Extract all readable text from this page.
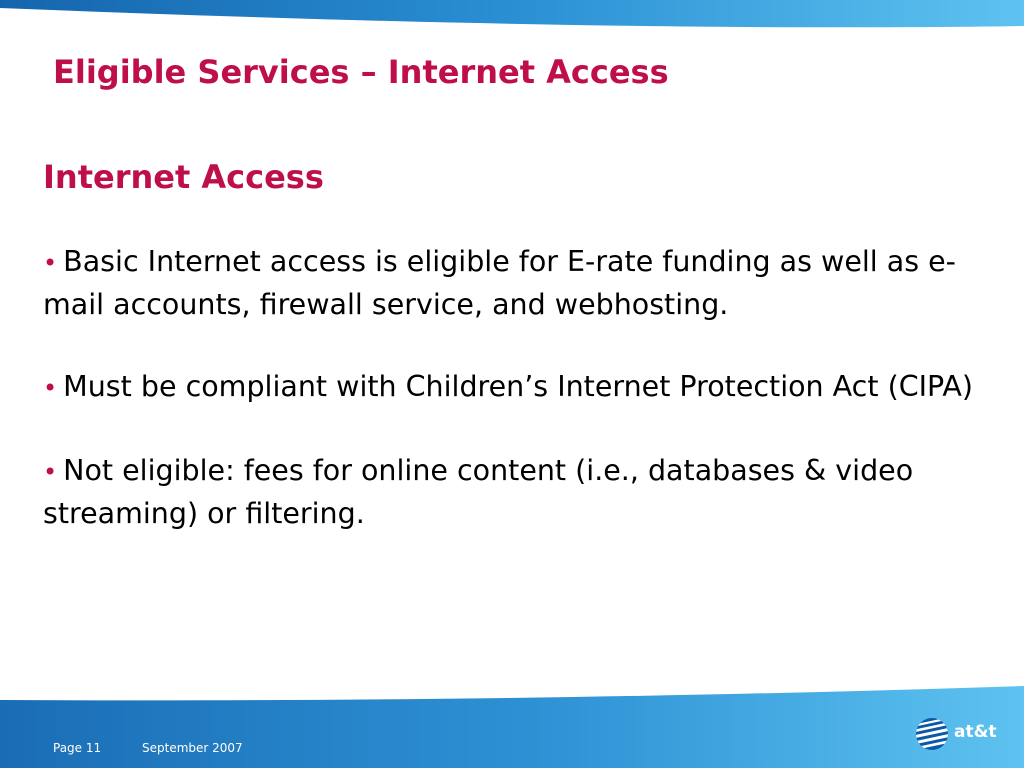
Eligible Services – Internet Access
Internet Access
• Basic Internet access is eligible for E-rate funding as well as e-mail accounts, firewall service, and webhosting.
• Must be compliant with Children’s Internet Protection Act (CIPA)
• Not eligible: fees for online content (i.e., databases & video streaming) or filtering.
Page 11	September 2007
at&t
